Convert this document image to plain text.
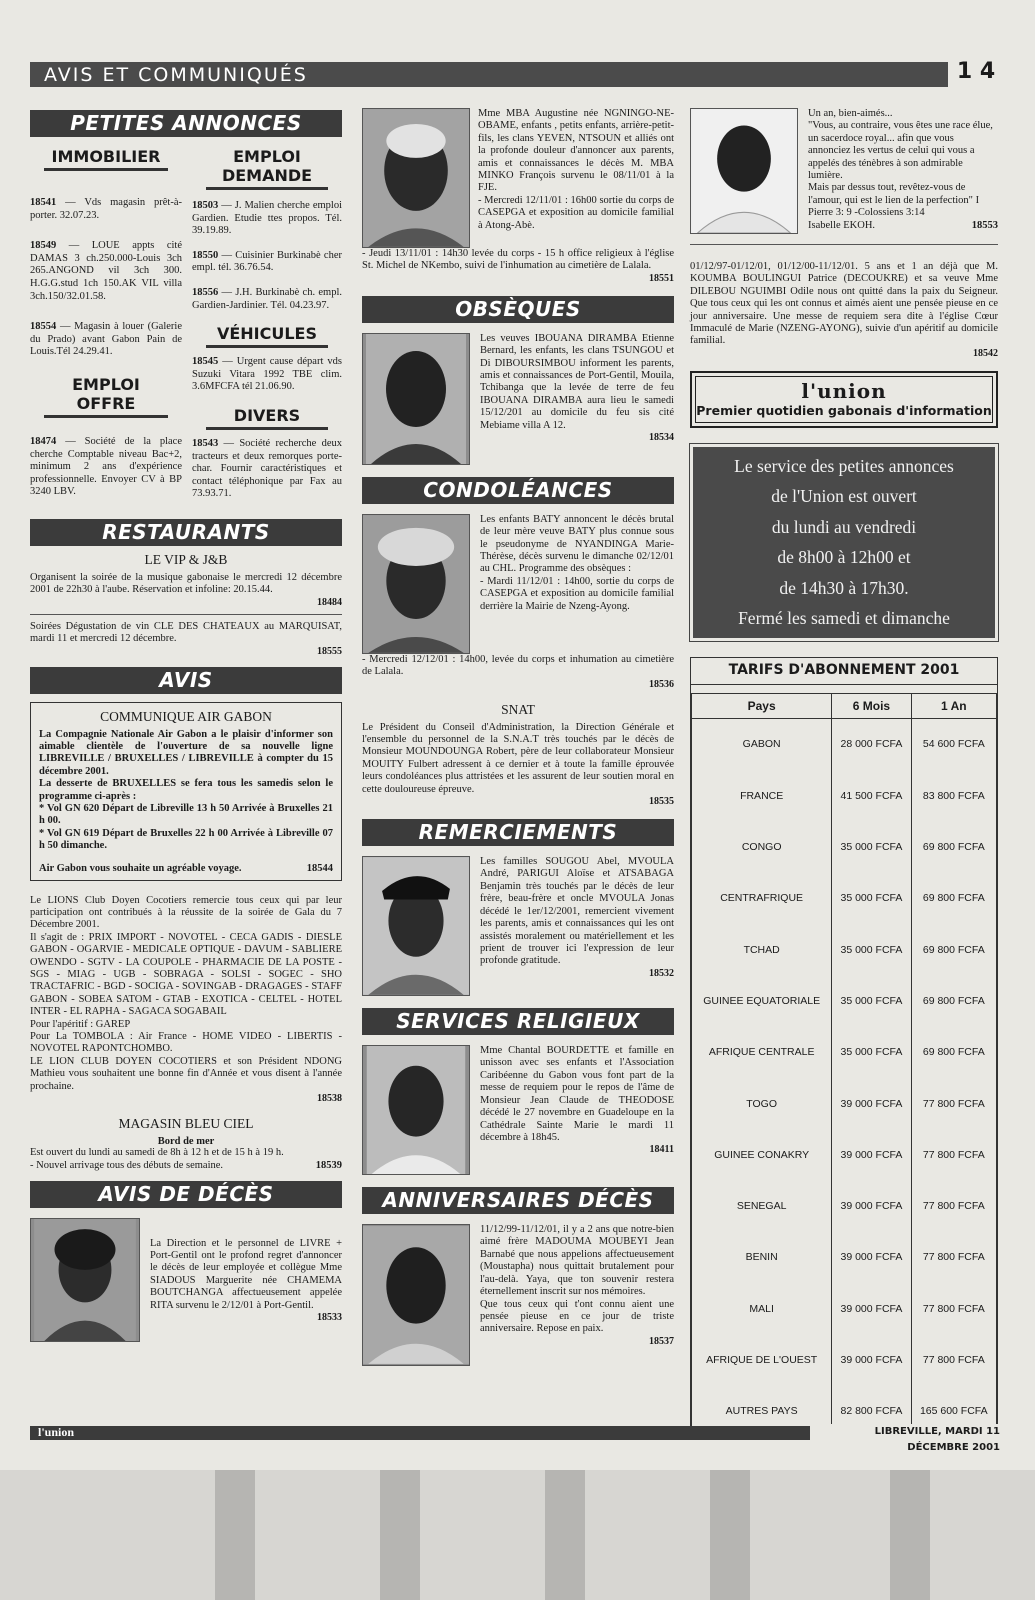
AVIS ET COMMUNIQUÉS	1 4
PETITES ANNONCES
IMMOBILIER
18541 — Vds magasin prêt-à-porter. 32.07.23.
18549 — LOUE appts cité DAMAS 3 ch.250.000-Louis 3ch 265.ANGOND vil 3ch 300. H.G.G.stud 1ch 150.AK VIL villa 3ch.150/32.01.58.
18554 — Magasin à louer (Galerie du Prado) avant Gabon Pain de Louis.Tél 24.29.41.
EMPLOI OFFRE
18474 — Société de la place cherche Comptable niveau Bac+2, minimum 2 ans d'expérience professionnelle. Envoyer CV à BP 3240 LBV.
EMPLOI DEMANDE
18503 — J. Malien cherche emploi Gardien. Etudie ttes propos. Tél. 39.19.89.
18550 — Cuisinier Burkinabè cher empl. tél. 36.76.54.
18556 — J.H. Burkinabè ch. empl. Gardien-Jardinier. Tél. 04.23.97.
VÉHICULES
18545 — Urgent cause départ vds Suzuki Vitara 1992 TBE clim. 3.6MFCFA tél 21.06.90.
DIVERS
18543 — Société recherche deux tracteurs et deux remorques porte-char. Fournir caractéristiques et contact téléphonique par Fax au 73.93.71.
RESTAURANTS
LE VIP & J&B
Organisent la soirée de la musique gabonaise le mercredi 12 décembre 2001 de 22h30 à l'aube. Réservation et infoline: 20.15.44.
18484
Soirées Dégustation de vin CLE DES CHATEAUX au MARQUISAT, mardi 11 et mercredi 12 décembre.
18555
AVIS
COMMUNIQUE AIR GABON
La Compagnie Nationale Air Gabon a le plaisir d'informer son aimable clientèle de l'ouverture de sa nouvelle ligne LIBREVILLE / BRUXELLES / LIBREVILLE à compter du 15 décembre 2001.
La desserte de BRUXELLES se fera tous les samedis selon le programme ci-après :
* Vol GN 620 Départ de Libreville 13 h 50 Arrivée à Bruxelles 21 h 00.
* Vol GN 619 Départ de Bruxelles 22 h 00 Arrivée à Libreville 07 h 50 dimanche.
Air Gabon vous souhaite un agréable voyage.	18544
Le LIONS Club Doyen Cocotiers remercie tous ceux qui par leur participation ont contribués à la réussite de la soirée de Gala du 7 Décembre 2001.
Il s'agit de : PRIX IMPORT - NOVOTEL - CECA GADIS - DIESLE GABON - OGARVIE - MEDICALE OPTIQUE - DAVUM - SABLIERE OWENDO - SGTV - LA COUPOLE - PHARMACIE DE LA POSTE - SGS - MIAG - UGB - SOBRAGA - SOLSI - SOGEC - SHO TRACTAFRIC - BGD - SOCIGA - SOVINGAB - DRAGAGES - STAFF GABON - SOBEA SATOM - GTAB - EXOTICA - CELTEL - HOTEL INTER - EL RAPHA - SAGACA SOGABAIL
Pour l'apéritif : GAREP
Pour La TOMBOLA : Air France - HOME VIDEO - LIBERTIS - NOVOTEL RAPONTCHOMBO.
LE LION CLUB DOYEN COCOTIERS et son Président NDONG Mathieu vous souhaitent une bonne fin d'Année et vous disent à l'année prochaine.
18538
MAGASIN BLEU CIEL
Bord de mer
Est ouvert du lundi au samedi de 8h à 12 h et de 15 h à 19 h.
- Nouvel arrivage tous des débuts de semaine.	18539
AVIS DE DÉCÈS
La Direction et le personnel de LIVRE + Port-Gentil ont le profond regret d'annoncer le décès de leur employée et collègue Mme SIADOUS Marguerite née CHAMEMA BOUTCHANGA affectueusement appelée RITA survenu le 2/12/01 à Port-Gentil.
18533
Mme MBA Augustine née NGNINGO-NE-OBAME, enfants , petits enfants, arrière-petit-fils, les clans YEVEN, NTSOUN et alliés ont la profonde douleur d'annoncer aux parents, amis et connaissances le décès M. MBA MINKO François survenu le 08/11/01 à la FJE.
- Mercredi 12/11/01 : 16h00 sortie du corps de CASEPGA et exposition au domicile familial à Atong-Abè.
- Jeudi 13/11/01 : 14h30 levée du corps - 15 h office religieux à l'église St. Michel de NKembo, suivi de l'inhumation au cimetière de Lalala.
18551
OBSÈQUES
Les veuves IBOUANA DIRAMBA Etienne Bernard, les enfants, les clans TSUNGOU et Di DIBOURSIMBOU informent les parents, amis et connaissances de Port-Gentil, Mouila, Tchibanga que la levée de terre de feu IBOUANA DIRAMBA aura lieu le samedi 15/12/201 au domicile du feu sis cité Mebiame villa A 12.
18534
CONDOLÉANCES
Les enfants BATY annoncent le décès brutal de leur mère veuve BATY plus connue sous le pseudonyme de NYANDINGA Marie-Thérèse, décès survenu le dimanche 02/12/01 au CHL. Programme des obsèques :
- Mardi 11/12/01 : 14h00, sortie du corps de CASEPGA et exposition au domicile familial derrière la Mairie de Nzeng-Ayong.
- Mercredi 12/12/01 : 14h00, levée du corps et inhumation au cimetière de Lalala.
18536
SNAT
Le Président du Conseil d'Administration, la Direction Générale et l'ensemble du personnel de la S.N.A.T très touchés par le décès de Monsieur MOUNDOUNGA Robert, père de leur collaborateur Monsieur MOUITY Fulbert adressent à ce dernier et à toute la famille éprouvée leurs condoléances plus attristées et les assurent de leur soutien moral en cette douloureuse épreuve.
18535
REMERCIEMENTS
Les familles SOUGOU Abel, MVOULA André, PARIGUI Aloïse et ATSABAGA Benjamin très touchés par le décès de leur frère, beau-frère et oncle MVOULA Jonas décédé le 1er/12/2001, remercient vivement les parents, amis et connaissances qui les ont assistés moralement ou matériellement et les prient de trouver ici l'expression de leur profonde gratitude.
18532
SERVICES RELIGIEUX
Mme Chantal BOURDETTE et famille en unisson avec ses enfants et l'Association Caribéenne du Gabon vous font part de la messe de requiem pour le repos de l'âme de Monsieur Jean Claude de THEODOSE décédé le 27 novembre en Guadeloupe en la Cathédrale Sainte Marie le mardi 11 décembre à 18h45.
18411
ANNIVERSAIRES DÉCÈS
11/12/99-11/12/01, il y a 2 ans que notre-bien aimé frère MADOUMA MOUBEYI Jean Barnabé que nous appelions affectueusement (Moustapha) nous quittait brutalement pour l'au-delà. Yaya, que ton souvenir restera éternellement inscrit sur nos mémoires.
Que tous ceux qui t'ont connu aient une pensée pieuse en ce jour de triste anniversaire. Repose en paix.
18537
Un an, bien-aimés...
"Vous, au contraire, vous êtes une race élue, un sacerdoce royal... afin que vous annonciez les vertus de celui qui vous a appelés des ténèbres à son admirable lumière.
Mais par dessus tout, revêtez-vous de l'amour, qui est le lien de la perfection" I Pierre 3: 9 -Colossiens 3:14
Isabelle EKOH.	18553
01/12/97-01/12/01, 01/12/00-11/12/01. 5 ans et 1 an déjà que M. KOUMBA BOULINGUI Patrice (DECOUKRE) et sa veuve Mme DILEBOU NGUIMBI Odile nous ont quitté dans la paix du Seigneur. Que tous ceux qui les ont connus et aimés aient une pensée pieuse en ce jour anniversaire. Une messe de requiem sera dite à l'église Cœur Immaculé de Marie (NZENG-AYONG), suivie d'un apéritif au domicile familial.
18542
l'union
Premier quotidien gabonais d'information
Le service des petites annonces
de l'Union est ouvert
du lundi au vendredi
de 8h00 à 12h00 et
de 14h30 à 17h30.
Fermé les samedi et dimanche
TARIFS D'ABONNEMENT 2001
Pays	6 Mois	1 An
GABON	28 000 FCFA	54 600 FCFA
FRANCE	41 500 FCFA	83 800 FCFA
CONGO	35 000 FCFA	69 800 FCFA
CENTRAFRIQUE	35 000 FCFA	69 800 FCFA
TCHAD	35 000 FCFA	69 800 FCFA
GUINEE EQUATORIALE	35 000 FCFA	69 800 FCFA
AFRIQUE CENTRALE	35 000 FCFA	69 800 FCFA
TOGO	39 000 FCFA	77 800 FCFA
GUINEE CONAKRY	39 000 FCFA	77 800 FCFA
SENEGAL	39 000 FCFA	77 800 FCFA
BENIN	39 000 FCFA	77 800 FCFA
MALI	39 000 FCFA	77 800 FCFA
AFRIQUE DE L'OUEST	39 000 FCFA	77 800 FCFA
AUTRES PAYS	82 800 FCFA	165 600 FCFA
l'union	LIBREVILLE, MARDI 11 DÉCEMBRE 2001
